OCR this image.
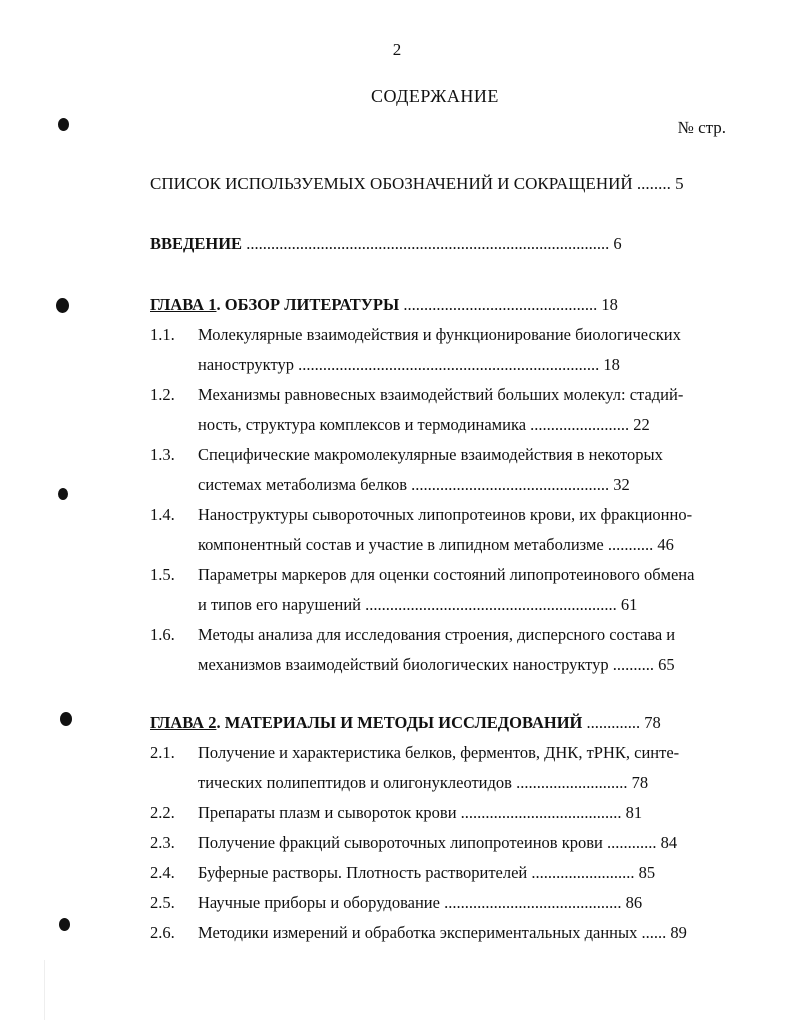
2
СОДЕРЖАНИЕ
№ стр.
СПИСОК ИСПОЛЬЗУЕМЫХ ОБОЗНАЧЕНИЙ И СОКРАЩЕНИЙ ........ 5
ВВЕДЕНИЕ ........................................................................................ 6
ГЛАВА 1. ОБЗОР ЛИТЕРАТУРЫ ............................................... 18
1.1. Молекулярные взаимодействия и функционирование биологических
наноструктур ......................................................................... 18
1.2. Механизмы равновесных взаимодействий больших молекул: стадий-
ность, структура комплексов и термодинамика ........................ 22
1.3. Специфические макромолекулярные взаимодействия в некоторых
системах метаболизма белков ................................................ 32
1.4. Наноструктуры сывороточных липопротеинов крови, их фракционно-
компонентный состав и участие в липидном метаболизме ........... 46
1.5. Параметры маркеров для оценки состояний липопротеинового обмена
и типов его нарушений ............................................................. 61
1.6. Методы анализа для исследования строения, дисперсного состава и
механизмов взаимодействий биологических наноструктур .......... 65
ГЛАВА 2. МАТЕРИАЛЫ И МЕТОДЫ ИССЛЕДОВАНИЙ ............. 78
2.1. Получение и характеристика белков, ферментов, ДНК, тРНК, синте-
тических полипептидов и олигонуклеотидов ........................... 78
2.2. Препараты плазм и сывороток крови ....................................... 81
2.3. Получение фракций сывороточных липопротеинов крови ............ 84
2.4. Буферные растворы. Плотность растворителей ......................... 85
2.5. Научные приборы и оборудование ........................................... 86
2.6. Методики измерений и обработка экспериментальных данных ...... 89
